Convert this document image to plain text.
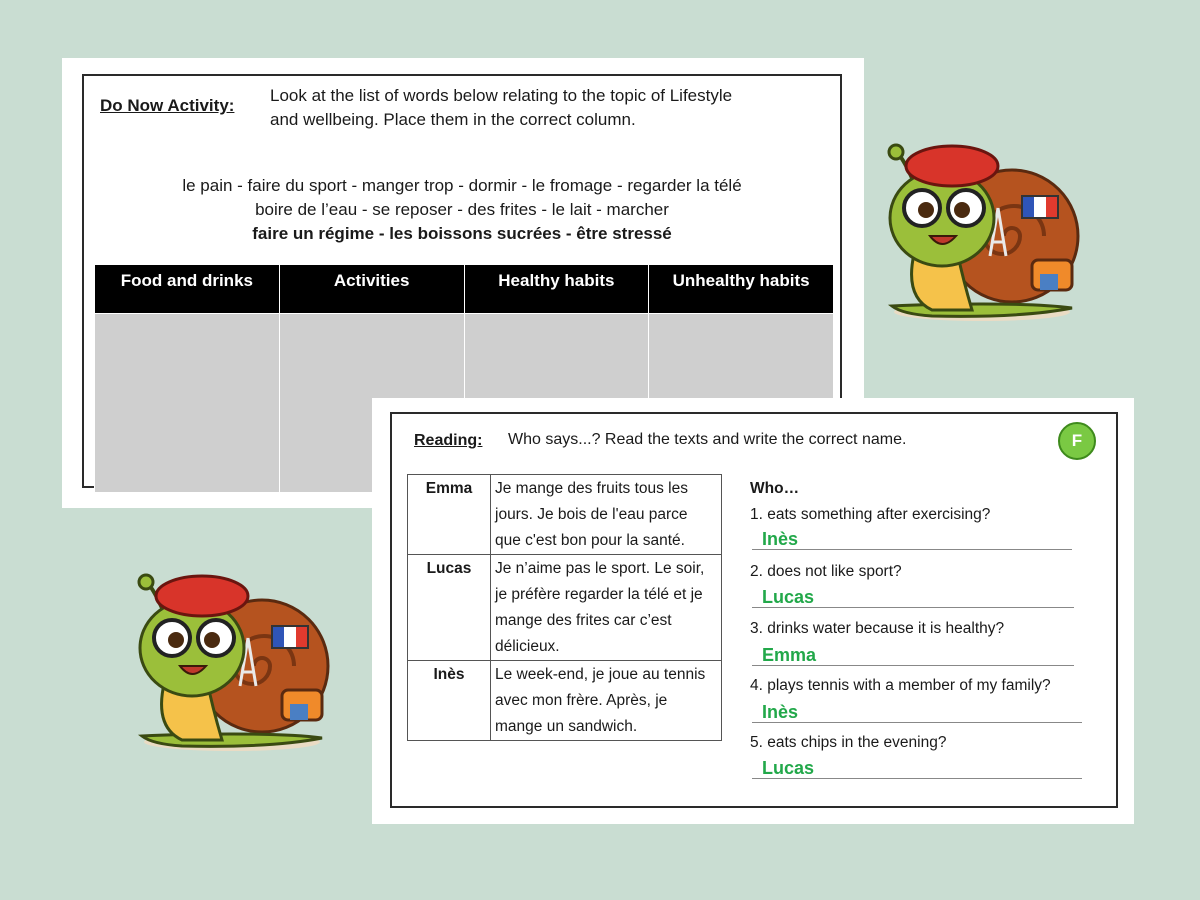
Do Now Activity:
Look at the list of words below relating to the topic of Lifestyle and wellbeing. Place them in the correct column.
le pain - faire du sport - manger trop - dormir - le fromage - regarder la télé
boire de l’eau - se reposer - des frites - le lait - marcher
faire un régime - les boissons sucrées - être stressé
Food and drinks	Activities	Healthy habits	Unhealthy habits

Reading: Who says...? Read the texts and write the correct name.	F
Emma	Je mange des fruits tous les jours. Je bois de l'eau parce que c'est bon pour la santé.
Lucas	Je n’aime pas le sport. Le soir, je préfère regarder la télé et je mange des frites car c’est délicieux.
Inès	Le week-end, je joue au tennis avec mon frère. Après, je mange un sandwich.
Who…
1. eats something after exercising?
Inès
2. does not like sport?
Lucas
3. drinks water because it is healthy?
Emma
4. plays tennis with a member of my family?
Inès
5. eats chips in the evening?
Lucas
